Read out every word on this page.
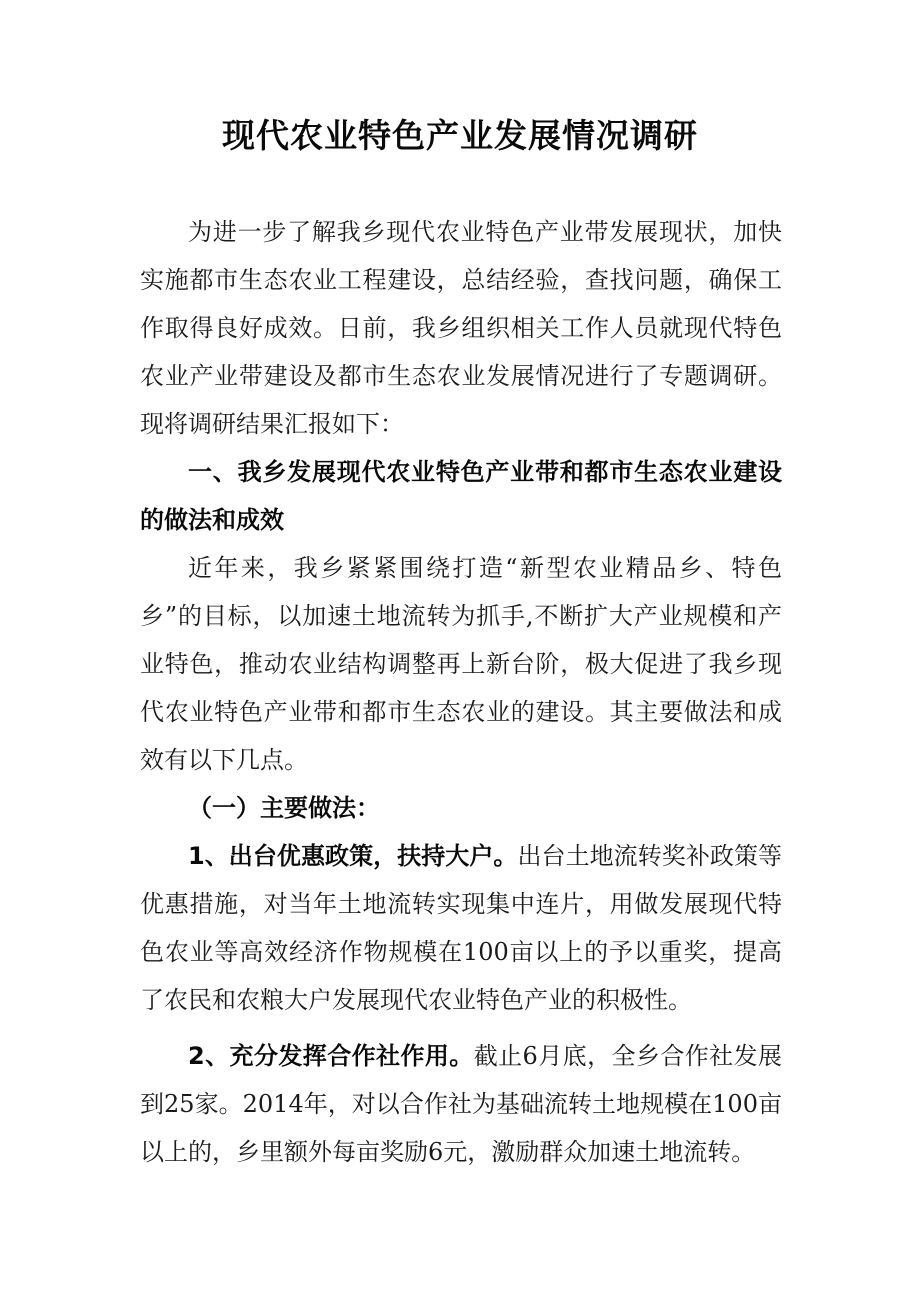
现代农业特色产业发展情况调研

为进一步了解我乡现代农业特色产业带发展现状，加快实施都市生态农业工程建设，总结经验，查找问题，确保工作取得良好成效。日前，我乡组织相关工作人员就现代特色农业产业带建设及都市生态农业发展情况进行了专题调研。现将调研结果汇报如下：

一、我乡发展现代农业特色产业带和都市生态农业建设的做法和成效

近年来，我乡紧紧围绕打造“新型农业精品乡、特色乡”的目标，以加速土地流转为抓手,不断扩大产业规模和产业特色，推动农业结构调整再上新台阶，极大促进了我乡现代农业特色产业带和都市生态农业的建设。其主要做法和成效有以下几点。

（一）主要做法：

1、出台优惠政策，扶持大户。出台土地流转奖补政策等优惠措施，对当年土地流转实现集中连片，用做发展现代特色农业等高效经济作物规模在100亩以上的予以重奖，提高了农民和农粮大户发展现代农业特色产业的积极性。

2、充分发挥合作社作用。截止6月底，全乡合作社发展到25家。2014年，对以合作社为基础流转土地规模在100亩以上的，乡里额外每亩奖励6元，激励群众加速土地流转。
